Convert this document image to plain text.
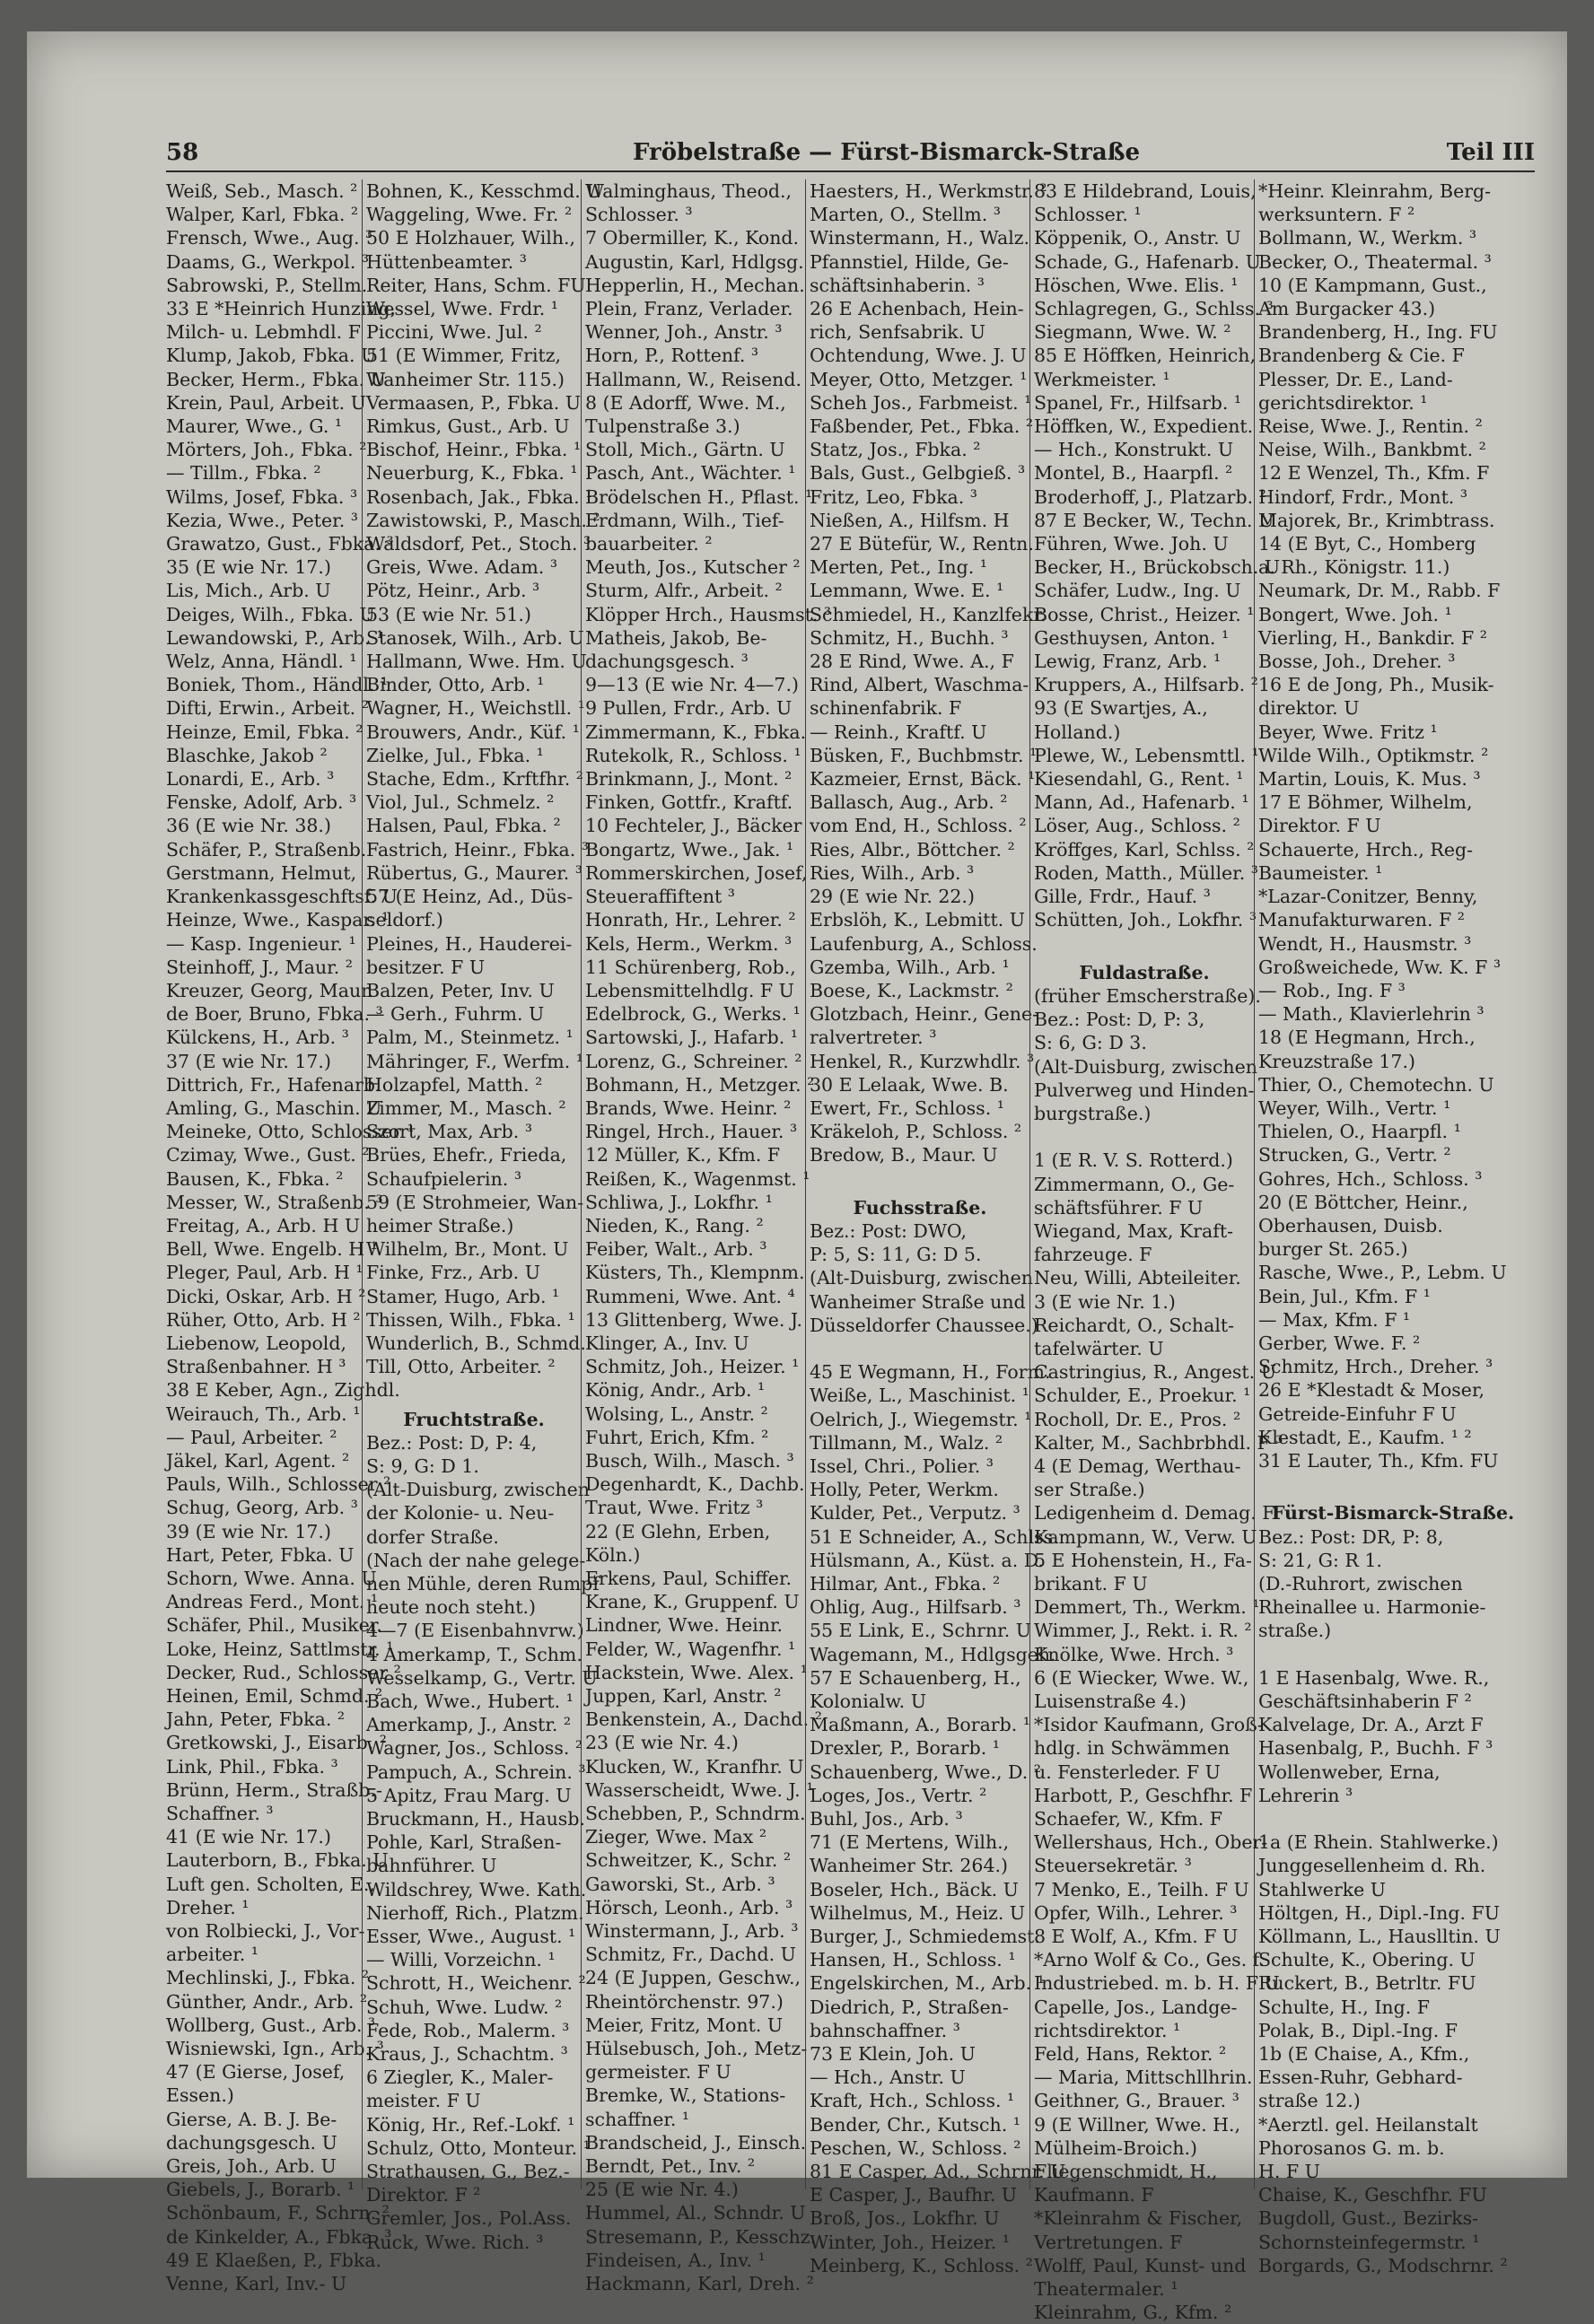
58	Fröbelstraße — Fürst-Bismarck-Straße	Teil III
Weiß, Seb., Masch. ²
Walper, Karl, Fbka. ²
Frensch, Wwe., Aug. ³
Daams, G., Werkpol. ³
Sabrowski, P., Stellm.
33 E *Heinrich Hunzing,
Milch- u. Lebmhdl. F
Klump, Jakob, Fbka. U
Becker, Herm., Fbka. U
Krein, Paul, Arbeit. U
Maurer, Wwe., G. ¹
Mörters, Joh., Fbka. ²
— Tillm., Fbka. ²
Wilms, Josef, Fbka. ³
Kezia, Wwe., Peter. ³
Grawatzo, Gust., Fbka. ³
35 (E wie Nr. 17.)
Lis, Mich., Arb. U
Deiges, Wilh., Fbka. U
Lewandowski, P., Arb. ¹
Welz, Anna, Händl. ¹
Boniek, Thom., Händl. ¹
Difti, Erwin., Arbeit. ²
Heinze, Emil, Fbka. ²
Blaschke, Jakob ²
Lonardi, E., Arb. ³
Fenske, Adolf, Arb. ³
36 (E wie Nr. 38.)
Schäfer, P., Straßenb.
Gerstmann, Helmut,
Krankenkassgeschftsf. U
Heinze, Wwe., Kaspar. ¹
— Kasp. Ingenieur. ¹
Steinhoff, J., Maur. ²
Kreuzer, Georg, Maur.
de Boer, Bruno, Fbka. ³
Külckens, H., Arb. ³
37 (E wie Nr. 17.)
Dittrich, Fr., Hafenarb.
Amling, G., Maschin. U
Meineke, Otto, Schlosser ¹
Czimay, Wwe., Gust. ²
Bausen, K., Fbka. ²
Messer, W., Straßenb. ³
Freitag, A., Arb. H U
Bell, Wwe. Engelb. H ¹
Pleger, Paul, Arb. H ¹
Dicki, Oskar, Arb. H ²
Rüher, Otto, Arb. H ²
Liebenow, Leopold,
Straßenbahner. H ³
38 E Keber, Agn., Zighdl.
Weirauch, Th., Arb. ¹
— Paul, Arbeiter. ²
Jäkel, Karl, Agent. ²
Pauls, Wilh., Schlosser ²
Schug, Georg, Arb. ³
39 (E wie Nr. 17.)
Hart, Peter, Fbka. U
Schorn, Wwe. Anna. U
Andreas Ferd., Mont. ¹
Schäfer, Phil., Musiker.
Loke, Heinz, Sattlmstr. ¹
Decker, Rud., Schlosser ²
Heinen, Emil, Schmd. ²
Jahn, Peter, Fbka. ²
Gretkowski, J., Eisarb. ²
Link, Phil., Fbka. ³
Brünn, Herm., Straßb.-
Schaffner. ³
41 (E wie Nr. 17.)
Lauterborn, B., Fbka. U
Luft gen. Scholten, E.,
Dreher. ¹
von Rolbiecki, J., Vor-
arbeiter. ¹
Mechlinski, J., Fbka. ²
Günther, Andr., Arb. ²
Wollberg, Gust., Arb. ³
Wisniewski, Ign., Arb. ³
47 (E Gierse, Josef,
Essen.)
Gierse, A. B. J. Be-
dachungsgesch. U
Greis, Joh., Arb. U
Giebels, J., Borarb. ¹
Schönbaum, F., Schrn. ²
de Kinkelder, A., Fbka. ³
49 E Klaeßen, P., Fbka.
Venne, Karl, Inv.- U
Bohnen, K., Kesschmd. U
Waggeling, Wwe. Fr. ²
50 E Holzhauer, Wilh.,
Hüttenbeamter. ³
Reiter, Hans, Schm. FU
Wessel, Wwe. Frdr. ¹
Piccini, Wwe. Jul. ²
51 (E Wimmer, Fritz,
Wanheimer Str. 115.)
Vermaasen, P., Fbka. U
Rimkus, Gust., Arb. U
Bischof, Heinr., Fbka. ¹
Neuerburg, K., Fbka. ¹
Rosenbach, Jak., Fbka. ¹
Zawistowski, P., Masch. ²
Waldsdorf, Pet., Stoch. ³
Greis, Wwe. Adam. ³
Pötz, Heinr., Arb. ³
53 (E wie Nr. 51.)
Stanosek, Wilh., Arb. U
Hallmann, Wwe. Hm. U
Binder, Otto, Arb. ¹
Wagner, H., Weichstll. ¹
Brouwers, Andr., Küf. ¹
Zielke, Jul., Fbka. ¹
Stache, Edm., Krftfhr. ²
Viol, Jul., Schmelz. ²
Halsen, Paul, Fbka. ²
Fastrich, Heinr., Fbka. ³
Rübertus, G., Maurer. ³
57 (E Heinz, Ad., Düs-
seldorf.)
Pleines, H., Hauderei-
besitzer. F U
Balzen, Peter, Inv. U
— Gerh., Fuhrm. U
Palm, M., Steinmetz. ¹
Mähringer, F., Werfm. ¹
Holzapfel, Matth. ²
Zimmer, M., Masch. ²
Szort, Max, Arb. ³
Brües, Ehefr., Frieda,
Schaufpielerin. ³
59 (E Strohmeier, Wan-
heimer Straße.)
Wilhelm, Br., Mont. U
Finke, Frz., Arb. U
Stamer, Hugo, Arb. ¹
Thissen, Wilh., Fbka. ¹
Wunderlich, B., Schmd.
Till, Otto, Arbeiter. ²

Fruchtstraße.
Bez.: Post: D, P: 4,
S: 9, G: D 1.
(Alt-Duisburg, zwischen
der Kolonie- u. Neu-
dorfer Straße.
(Nach der nahe gelege-
nen Mühle, deren Rumpf
heute noch steht.)
4—7 (E Eisenbahnvrw.)
4 Amerkamp, T., Schm.
Wesselkamp, G., Vertr. U
Bach, Wwe., Hubert. ¹
Amerkamp, J., Anstr. ²
Wagner, Jos., Schloss. ²
Pampuch, A., Schrein. ³
5 Apitz, Frau Marg. U
Bruckmann, H., Hausb.
Pohle, Karl, Straßen-
bahnführer. U
Wildschrey, Wwe. Kath.
Nierhoff, Rich., Platzm.
Esser, Wwe., August. ¹
— Willi, Vorzeichn. ¹
Schrott, H., Weichenr. ²
Schuh, Wwe. Ludw. ²
Fede, Rob., Malerm. ³
Kraus, J., Schachtm. ³
6 Ziegler, K., Maler-
meister. F U
König, Hr., Ref.-Lokf. ¹
Schulz, Otto, Monteur. ¹
Strathausen, G., Bez.-
Direktor. F ²
Gremler, Jos., Pol.Ass.
Ruck, Wwe. Rich. ³
Walminghaus, Theod.,
Schlosser. ³
7 Obermiller, K., Kond.
Augustin, Karl, Hdlgsg.
Hepperlin, H., Mechan.
Plein, Franz, Verlader.
Wenner, Joh., Anstr. ³
Horn, P., Rottenf. ³
Hallmann, W., Reisend.
8 (E Adorff, Wwe. M.,
Tulpenstraße 3.)
Stoll, Mich., Gärtn. U
Pasch, Ant., Wächter. ¹
Brödelschen H., Pflast. ¹
Erdmann, Wilh., Tief-
bauarbeiter. ²
Meuth, Jos., Kutscher ²
Sturm, Alfr., Arbeit. ²
Klöpper Hrch., Hausmst. ³
Matheis, Jakob, Be-
dachungsgesch. ³
9—13 (E wie Nr. 4—7.)
9 Pullen, Frdr., Arb. U
Zimmermann, K., Fbka.
Rutekolk, R., Schloss. ¹
Brinkmann, J., Mont. ²
Finken, Gottfr., Kraftf.
10 Fechteler, J., Bäcker
Bongartz, Wwe., Jak. ¹
Rommerskirchen, Josef,
Steueraffiftent ³
Honrath, Hr., Lehrer. ²
Kels, Herm., Werkm. ³
11 Schürenberg, Rob.,
Lebensmittelhdlg. F U
Edelbrock, G., Werks. ¹
Sartowski, J., Hafarb. ¹
Lorenz, G., Schreiner. ²
Bohmann, H., Metzger. ²
Brands, Wwe. Heinr. ²
Ringel, Hrch., Hauer. ³
12 Müller, K., Kfm. F
Reißen, K., Wagenmst. ¹
Schliwa, J., Lokfhr. ¹
Nieden, K., Rang. ²
Feiber, Walt., Arb. ³
Küsters, Th., Klempnm.
Rummeni, Wwe. Ant. ⁴
13 Glittenberg, Wwe. J.
Klinger, A., Inv. U
Schmitz, Joh., Heizer. ¹
König, Andr., Arb. ¹
Wolsing, L., Anstr. ²
Fuhrt, Erich, Kfm. ²
Busch, Wilh., Masch. ³
Degenhardt, K., Dachb.
Traut, Wwe. Fritz ³
22 (E Glehn, Erben,
Köln.)
Erkens, Paul, Schiffer.
Krane, K., Gruppenf. U
Lindner, Wwe. Heinr.
Felder, W., Wagenfhr. ¹
Hackstein, Wwe. Alex. ¹
Juppen, Karl, Anstr. ²
Benkenstein, A., Dachd. ²
23 (E wie Nr. 4.)
Klucken, W., Kranfhr. U
Wasserscheidt, Wwe. J. ¹
Schebben, P., Schndrm.
Zieger, Wwe. Max ²
Schweitzer, K., Schr. ²
Gaworski, St., Arb. ³
Hörsch, Leonh., Arb. ³
Winstermann, J., Arb. ³
Schmitz, Fr., Dachd. U
24 (E Juppen, Geschw.,
Rheintörchenstr. 97.)
Meier, Fritz, Mont. U
Hülsebusch, Joh., Metz-
germeister. F U
Bremke, W., Stations-
schaffner. ¹
Brandscheid, J., Einsch.
Berndt, Pet., Inv. ²
25 (E wie Nr. 4.)
Hummel, Al., Schndr. U
Stresemann, P., Kesschz.
Findeisen, A., Inv. ¹
Hackmann, Karl, Dreh. ²
Haesters, H., Werkmstr. ²
Marten, O., Stellm. ³
Winstermann, H., Walz.
Pfannstiel, Hilde, Ge-
schäftsinhaberin. ³
26 E Achenbach, Hein-
rich, Senfsabrik. U
Ochtendung, Wwe. J. U
Meyer, Otto, Metzger. ¹
Scheh Jos., Farbmeist. ¹
Faßbender, Pet., Fbka. ²
Statz, Jos., Fbka. ²
Bals, Gust., Gelbgieß. ³
Fritz, Leo, Fbka. ³
Nießen, A., Hilfsm. H
27 E Bütefür, W., Rentn.
Merten, Pet., Ing. ¹
Lemmann, Wwe. E. ¹
Schmiedel, H., Kanzlfekr.
Schmitz, H., Buchh. ³
28 E Rind, Wwe. A., F
Rind, Albert, Waschma-
schinenfabrik. F
— Reinh., Kraftf. U
Büsken, F., Buchbmstr. ¹
Kazmeier, Ernst, Bäck. ¹
Ballasch, Aug., Arb. ²
vom End, H., Schloss. ²
Ries, Albr., Böttcher. ²
Ries, Wilh., Arb. ³
29 (E wie Nr. 22.)
Erbslöh, K., Lebmitt. U
Laufenburg, A., Schloss.
Gzemba, Wilh., Arb. ¹
Boese, K., Lackmstr. ²
Glotzbach, Heinr., Gene-
ralvertreter. ³
Henkel, R., Kurzwhdlr. ³
30 E Lelaak, Wwe. B.
Ewert, Fr., Schloss. ¹
Kräkeloh, P., Schloss. ²
Bredow, B., Maur. U

Fuchsstraße.
Bez.: Post: DWO,
P: 5, S: 11, G: D 5.
(Alt-Duisburg, zwischen
Wanheimer Straße und
Düsseldorfer Chaussee.)

45 E Wegmann, H., Form.
Weiße, L., Maschinist. ¹
Oelrich, J., Wiegemstr. ¹
Tillmann, M., Walz. ²
Issel, Chri., Polier. ³
Holly, Peter, Werkm.
Kulder, Pet., Verputz. ³
51 E Schneider, A., Schlss.
Hülsmann, A., Küst. a. D.
Hilmar, Ant., Fbka. ²
Ohlig, Aug., Hilfsarb. ³
55 E Link, E., Schrnr. U
Wagemann, M., Hdlgsgeh.
57 E Schauenberg, H.,
Kolonialw. U
Maßmann, A., Borarb. ¹
Drexler, P., Borarb. ¹
Schauenberg, Wwe., D. ²
Loges, Jos., Vertr. ²
Buhl, Jos., Arb. ³
71 (E Mertens, Wilh.,
Wanheimer Str. 264.)
Boseler, Hch., Bäck. U
Wilhelmus, M., Heiz. U
Burger, J., Schmiedemst.
Hansen, H., Schloss. ¹
Engelskirchen, M., Arb. ¹
Diedrich, P., Straßen-
bahnschaffner. ³
73 E Klein, Joh. U
— Hch., Anstr. U
Kraft, Hch., Schloss. ¹
Bender, Chr., Kutsch. ¹
Peschen, W., Schloss. ²
81 E Casper, Ad., Schrnr. U
E Casper, J., Baufhr. U
Broß, Jos., Lokfhr. U
Winter, Joh., Heizer. ¹
Meinberg, K., Schloss. ²
83 E Hildebrand, Louis,
Schlosser. ¹
Köppenik, O., Anstr. U
Schade, G., Hafenarb. U
Höschen, Wwe. Elis. ¹
Schlagregen, G., Schlss. ³
Siegmann, Wwe. W. ²
85 E Höffken, Heinrich,
Werkmeister. ¹
Spanel, Fr., Hilfsarb. ¹
Höffken, W., Expedient. ¹
— Hch., Konstrukt. U
Montel, B., Haarpfl. ²
Broderhoff, J., Platzarb. ²
87 E Becker, W., Techn. U
Führen, Wwe. Joh. U
Becker, H., Brückobsch. U
Schäfer, Ludw., Ing. U
Bosse, Christ., Heizer. ¹
Gesthuysen, Anton. ¹
Lewig, Franz, Arb. ¹
Kruppers, A., Hilfsarb. ²
93 (E Swartjes, A.,
Holland.)
Plewe, W., Lebensmttl. ¹
Kiesendahl, G., Rent. ¹
Mann, Ad., Hafenarb. ¹
Löser, Aug., Schloss. ²
Kröffges, Karl, Schlss. ²
Roden, Matth., Müller. ³
Gille, Frdr., Hauf. ³
Schütten, Joh., Lokfhr. ³

Fuldastraße.
(früher Emscherstraße).
Bez.: Post: D, P: 3,
S: 6, G: D 3.
(Alt-Duisburg, zwischen
Pulverweg und Hinden-
burgstraße.)

1 (E R. V. S. Rotterd.)
Zimmermann, O., Ge-
schäftsführer. F U
Wiegand, Max, Kraft-
fahrzeuge. F
Neu, Willi, Abteileiter.
3 (E wie Nr. 1.)
Reichardt, O., Schalt-
tafelwärter. U
Castringius, R., Angest. U
Schulder, E., Proekur. ¹
Rocholl, Dr. E., Pros. ²
Kalter, M., Sachbrbhdl. F ³
4 (E Demag, Werthau-
ser Straße.)
Ledigenheim d. Demag. F
Kampmann, W., Verw. U
5 E Hohenstein, H., Fa-
brikant. F U
Demmert, Th., Werkm. ¹
Wimmer, J., Rekt. i. R. ²
Knölke, Wwe. Hrch. ³
6 (E Wiecker, Wwe. W.,
Luisenstraße 4.)
*Isidor Kaufmann, Groß-
hdlg. in Schwämmen
u. Fensterleder. F U
Harbott, P., Geschfhr. F
Schaefer, W., Kfm. F
Wellershaus, Hch., Ober-
Steuersekretär. ³
7 Menko, E., Teilh. F U
Opfer, Wilh., Lehrer. ³
8 E Wolf, A., Kfm. F U
*Arno Wolf & Co., Ges. f.
Industriebed. m. b. H. F U
Capelle, Jos., Landge-
richtsdirektor. ¹
Feld, Hans, Rektor. ²
— Maria, Mittschllhrin.
Geithner, G., Brauer. ³
9 (E Willner, Wwe. H.,
Mülheim-Broich.)
Fliegenschmidt, H.,
Kaufmann. F
*Kleinrahm & Fischer,
Vertretungen. F
Wolff, Paul, Kunst- und
Theatermaler. ¹
Kleinrahm, G., Kfm. ²
*Heinr. Kleinrahm, Berg-
werksuntern. F ²
Bollmann, W., Werkm. ³
Becker, O., Theatermal. ³
10 (E Kampmann, Gust.,
Am Burgacker 43.)
Brandenberg, H., Ing. FU
Brandenberg & Cie. F
Plesser, Dr. E., Land-
gerichtsdirektor. ¹
Reise, Wwe. J., Rentin. ²
Neise, Wilh., Bankbmt. ²
12 E Wenzel, Th., Kfm. F
Hindorf, Frdr., Mont. ³
Majorek, Br., Krimbtrass.
14 (E Byt, C., Homberg
a. Rh., Königstr. 11.)
Neumark, Dr. M., Rabb. F
Bongert, Wwe. Joh. ¹
Vierling, H., Bankdir. F ²
Bosse, Joh., Dreher. ³
16 E de Jong, Ph., Musik-
direktor. U
Beyer, Wwe. Fritz ¹
Wilde Wilh., Optikmstr. ²
Martin, Louis, K. Mus. ³
17 E Böhmer, Wilhelm,
Direktor. F U
Schauerte, Hrch., Reg-
Baumeister. ¹
*Lazar-Conitzer, Benny,
Manufakturwaren. F ²
Wendt, H., Hausmstr. ³
Großweichede, Ww. K. F ³
— Rob., Ing. F ³
— Math., Klavierlehrin ³
18 (E Hegmann, Hrch.,
Kreuzstraße 17.)
Thier, O., Chemotechn. U
Weyer, Wilh., Vertr. ¹
Thielen, O., Haarpfl. ¹
Strucken, G., Vertr. ²
Gohres, Hch., Schloss. ³
20 (E Böttcher, Heinr.,
Oberhausen, Duisb.
burger St. 265.)
Rasche, Wwe., P., Lebm. U
Bein, Jul., Kfm. F ¹
— Max, Kfm. F ¹
Gerber, Wwe. F. ²
Schmitz, Hrch., Dreher. ³
26 E *Klestadt & Moser,
Getreide-Einfuhr F U
Klestadt, E., Kaufm. ¹ ²
31 E Lauter, Th., Kfm. FU

Fürst-Bismarck-Straße.
Bez.: Post: DR, P: 8,
S: 21, G: R 1.
(D.-Ruhrort, zwischen
Rheinallee u. Harmonie-
straße.)

1 E Hasenbalg, Wwe. R.,
Geschäftsinhaberin F ²
Kalvelage, Dr. A., Arzt F
Hasenbalg, P., Buchh. F ³
Wollenweber, Erna,
Lehrerin ³

1a (E Rhein. Stahlwerke.)
Junggesellenheim d. Rh.
Stahlwerke U
Höltgen, H., Dipl.-Ing. FU
Köllmann, L., Hauslltin. U
Schulte, K., Obering. U
Ruckert, B., Betrltr. FU
Schulte, H., Ing. F
Polak, B., Dipl.-Ing. F
1b (E Chaise, A., Kfm.,
Essen-Ruhr, Gebhard-
straße 12.)
*Aerztl. gel. Heilanstalt
Phorosanos G. m. b.
H. F U
Chaise, K., Geschfhr. FU
Bugdoll, Gust., Bezirks-
Schornsteinfegermstr. ¹
Borgards, G., Modschrnr. ²
